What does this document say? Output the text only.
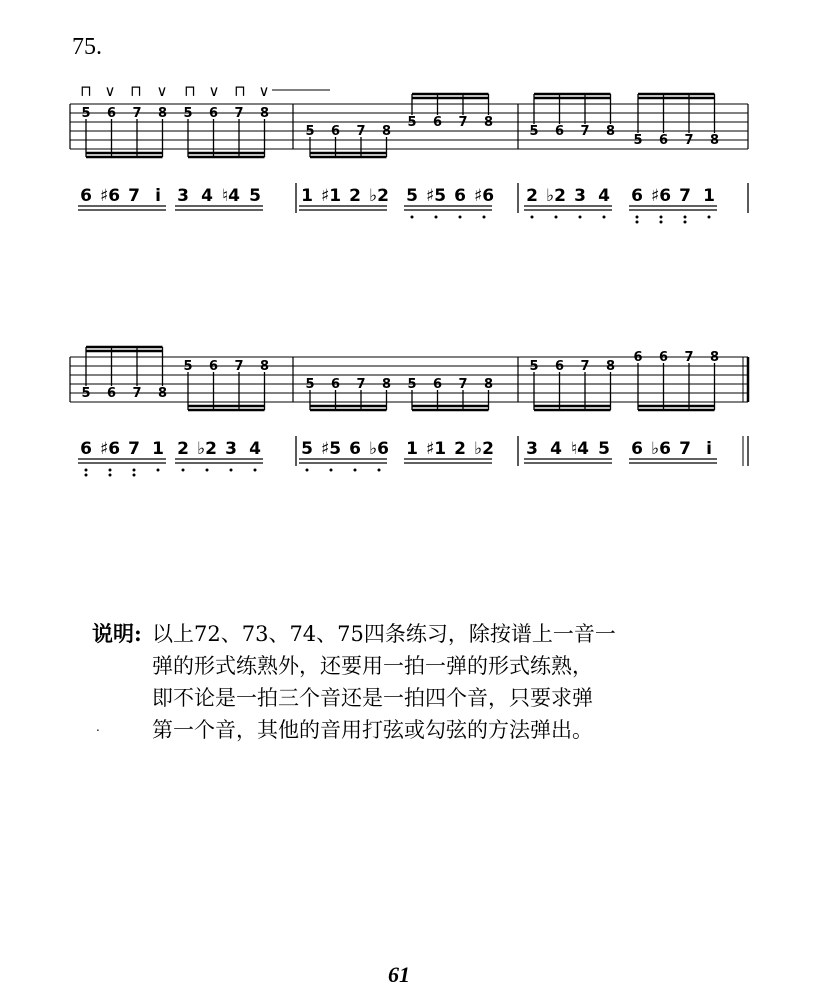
75.
⊓ ∨ ⊓ ∨ ⊓ ∨ ⊓ ∨
5 6 7 8
6 ♯6 7 i
5 6 7 8
3 4 ♮4 5
5 6 7 8
1 ♯1 2 ♭2
5 6 7 8
5 ♯5 6 ♯6
5 6 7 8
2 ♭2 3 4
5 6 7 8
6 ♯6 7 1
5 6 7 8
6 ♯6 7 1
5 6 7 8
2 ♭2 3 4
5 6 7 8
5 ♯5 6 ♭6
5 6 7 8
1 ♯1 2 ♭2
5 6 7 8
3 4 ♮4 5
6 6 7 8
6 ♭6 7 i
说明: 以上72、73、74、75四条练习，除按谱上一音一
弹的形式练熟外，还要用一拍一弹的形式练熟，
即不论是一拍三个音还是一拍四个音，只要求弹
第一个音，其他的音用打弦或勾弦的方法弹出。
.
61
